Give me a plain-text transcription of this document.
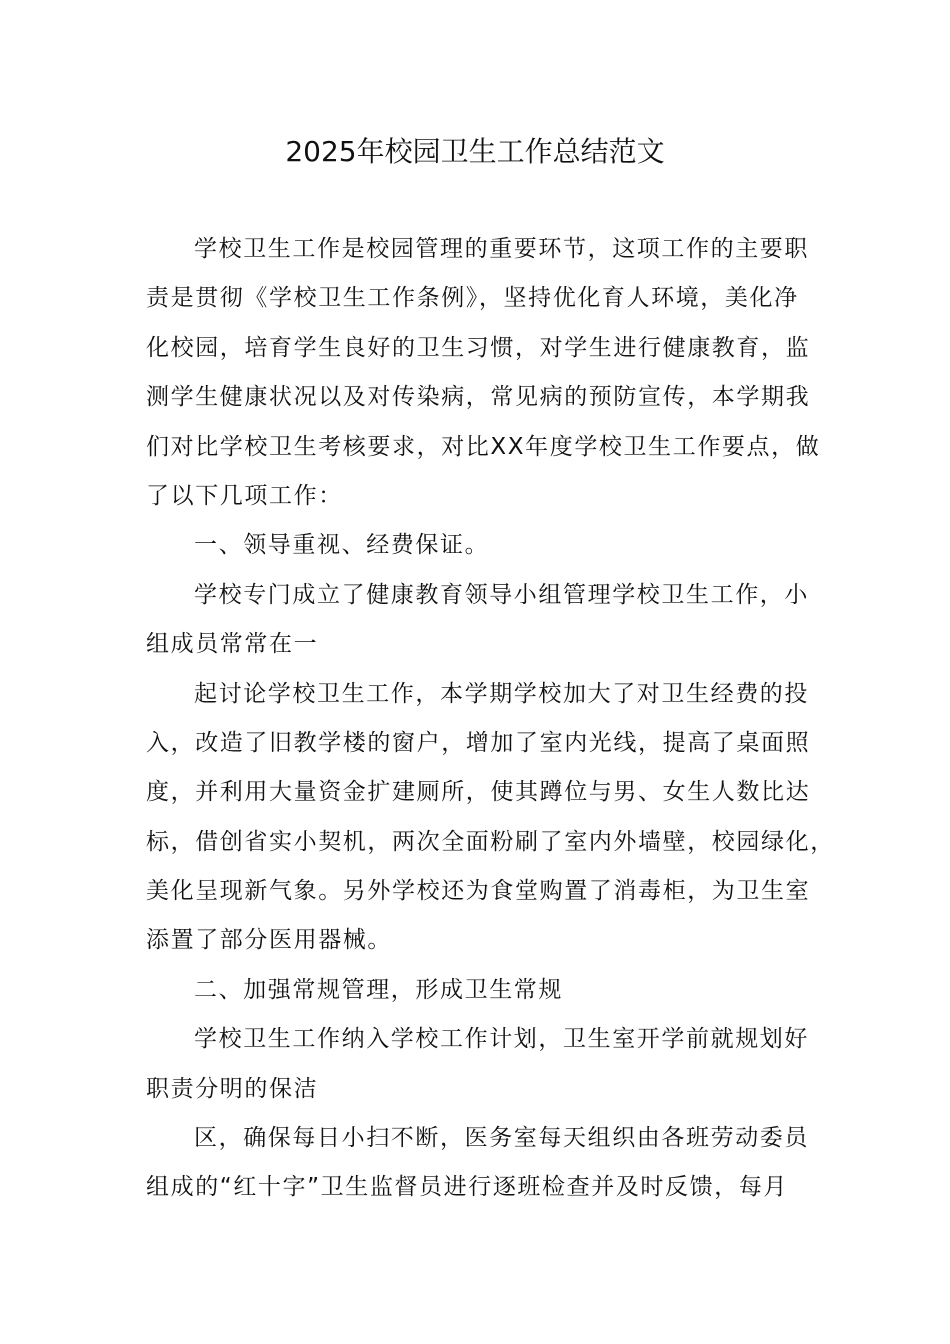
2025年校园卫生工作总结范文
学校卫生工作是校园管理的重要环节，这项工作的主要职
责是贯彻《学校卫生工作条例》，坚持优化育人环境，美化净
化校园，培育学生良好的卫生习惯，对学生进行健康教育，监
测学生健康状况以及对传染病，常见病的预防宣传，本学期我
们对比学校卫生考核要求，对比XX年度学校卫生工作要点，做
了以下几项工作：
一、领导重视、经费保证。
学校专门成立了健康教育领导小组管理学校卫生工作，小
组成员常常在一
起讨论学校卫生工作，本学期学校加大了对卫生经费的投
入，改造了旧教学楼的窗户，增加了室内光线，提高了桌面照
度，并利用大量资金扩建厕所，使其蹲位与男、女生人数比达
标，借创省实小契机，两次全面粉刷了室内外墙壁，校园绿化，
美化呈现新气象。另外学校还为食堂购置了消毒柜，为卫生室
添置了部分医用器械。
二、加强常规管理，形成卫生常规
学校卫生工作纳入学校工作计划，卫生室开学前就规划好
职责分明的保洁
区，确保每日小扫不断，医务室每天组织由各班劳动委员
组成的“红十字”卫生监督员进行逐班检查并及时反馈，每月
